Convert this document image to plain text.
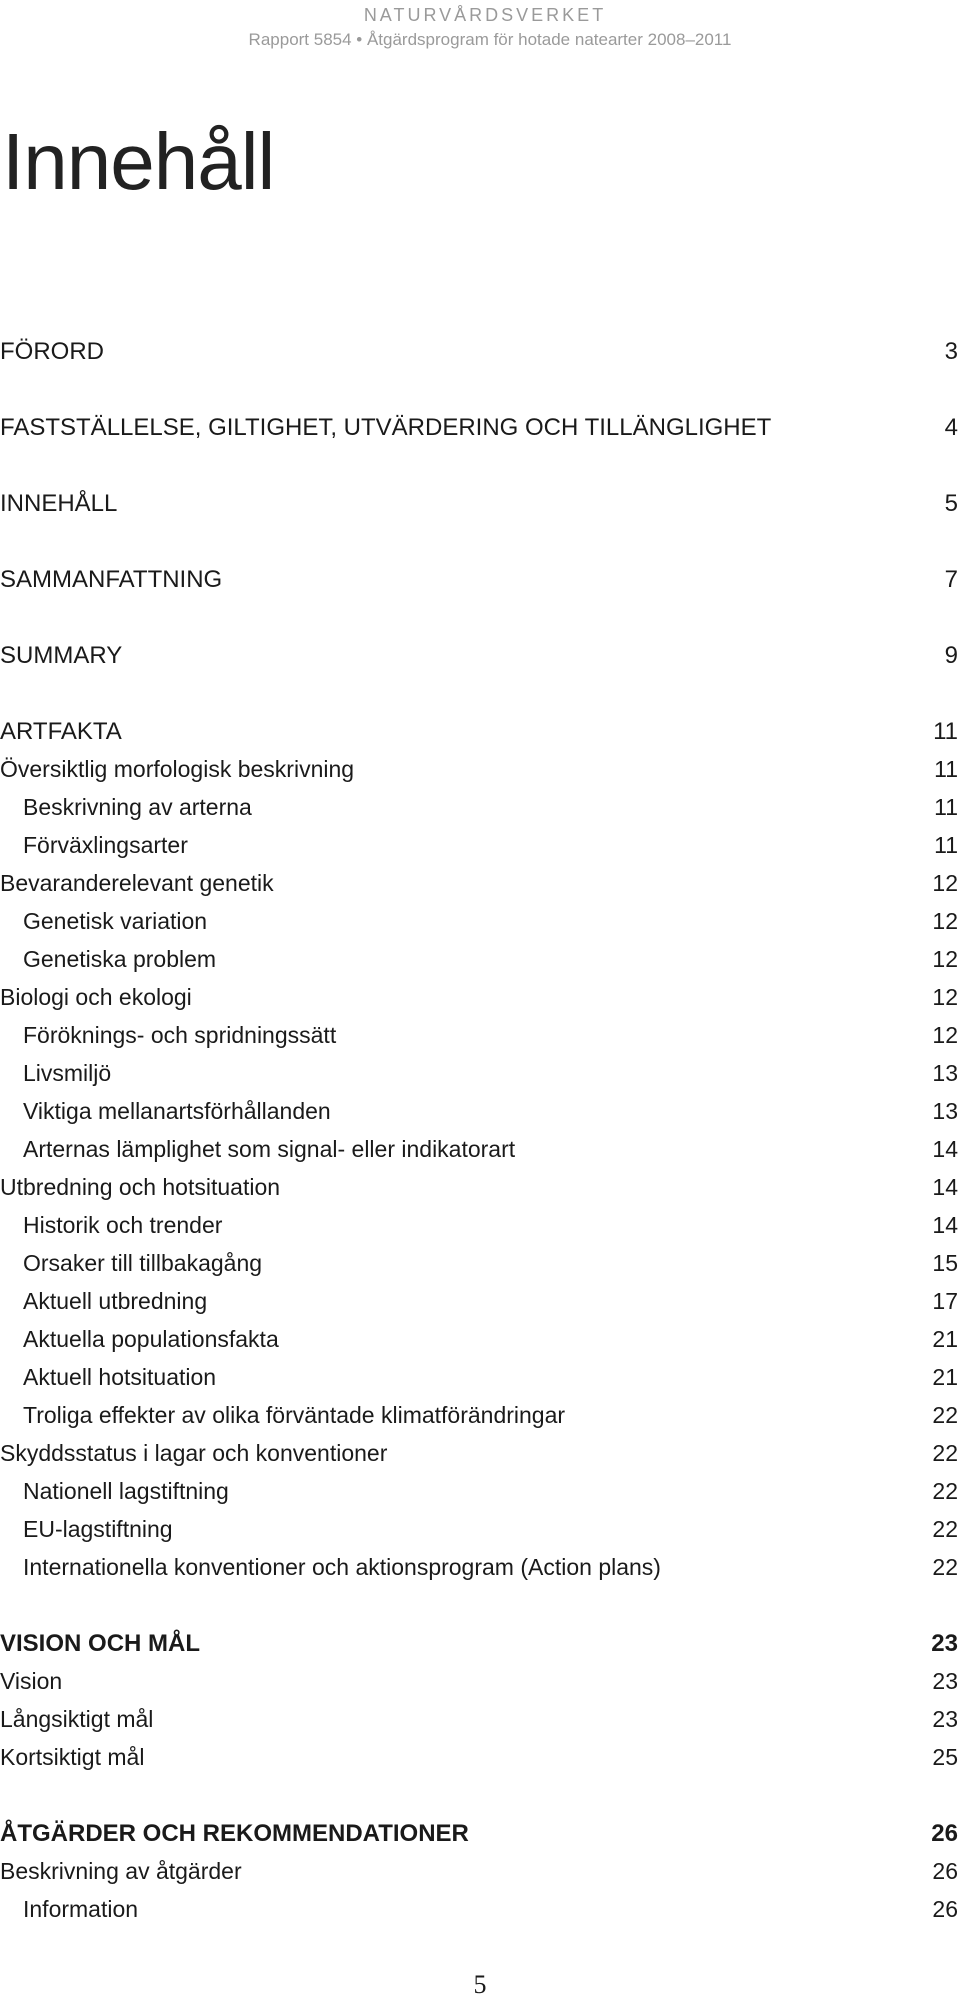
NATURVÅRDSVERKET
Rapport 5854 • Åtgärdsprogram för hotade natearter 2008–2011
Innehåll
FÖRORD	3
FASTSTÄLLELSE, GILTIGHET, UTVÄRDERING OCH TILLÄNGLIGHET	4
INNEHÅLL	5
SAMMANFATTNING	7
SUMMARY	9
ARTFAKTA	11
Översiktlig morfologisk beskrivning	11
Beskrivning av arterna	11
Förväxlingsarter	11
Bevaranderelevant genetik	12
Genetisk variation	12
Genetiska problem	12
Biologi och ekologi	12
Föröknings- och spridningssätt	12
Livsmiljö	13
Viktiga mellanartsförhållanden	13
Arternas lämplighet som signal- eller indikatorart	14
Utbredning och hotsituation	14
Historik och trender	14
Orsaker till tillbakagång	15
Aktuell utbredning	17
Aktuella populationsfakta	21
Aktuell hotsituation	21
Troliga effekter av olika förväntade klimatförändringar	22
Skyddsstatus i lagar och konventioner	22
Nationell lagstiftning	22
EU-lagstiftning	22
Internationella konventioner och aktionsprogram (Action plans)	22
VISION OCH MÅL	23
Vision	23
Långsiktigt mål	23
Kortsiktigt mål	25
ÅTGÄRDER OCH REKOMMENDATIONER	26
Beskrivning av åtgärder	26
Information	26
5
